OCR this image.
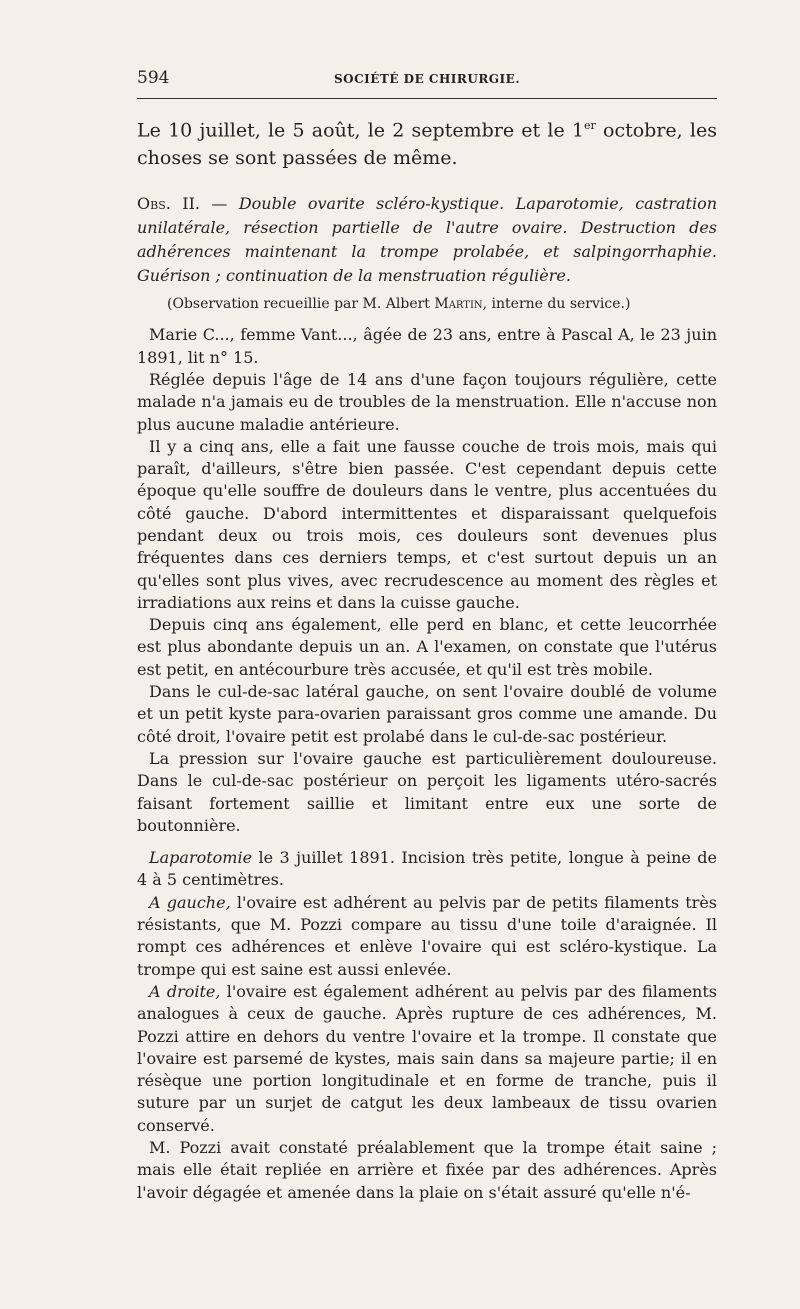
594	SOCIÉTÉ DE CHIRURGIE.

Le 10 juillet, le 5 août, le 2 septembre et le 1er octobre, les choses se sont passées de même.

Obs. II. — Double ovarite scléro-kystique. Laparotomie, castration unilatérale, résection partielle de l'autre ovaire. Destruction des adhérences maintenant la trompe prolabée, et salpingorrhaphie. Guérison ; continuation de la menstruation régulière.

(Observation recueillie par M. Albert Martin, interne du service.)

Marie C..., femme Vant..., âgée de 23 ans, entre à Pascal A, le 23 juin 1891, lit n° 15.

Réglée depuis l'âge de 14 ans d'une façon toujours régulière, cette malade n'a jamais eu de troubles de la menstruation. Elle n'accuse non plus aucune maladie antérieure.

Il y a cinq ans, elle a fait une fausse couche de trois mois, mais qui paraît, d'ailleurs, s'être bien passée. C'est cependant depuis cette époque qu'elle souffre de douleurs dans le ventre, plus accentuées du côté gauche. D'abord intermittentes et disparaissant quelquefois pendant deux ou trois mois, ces douleurs sont devenues plus fréquentes dans ces derniers temps, et c'est surtout depuis un an qu'elles sont plus vives, avec recrudescence au moment des règles et irradiations aux reins et dans la cuisse gauche.

Depuis cinq ans également, elle perd en blanc, et cette leucorrhée est plus abondante depuis un an. A l'examen, on constate que l'utérus est petit, en antécourbure très accusée, et qu'il est très mobile.

Dans le cul-de-sac latéral gauche, on sent l'ovaire doublé de volume et un petit kyste para-ovarien paraissant gros comme une amande. Du côté droit, l'ovaire petit est prolabé dans le cul-de-sac postérieur.

La pression sur l'ovaire gauche est particulièrement douloureuse. Dans le cul-de-sac postérieur on perçoit les ligaments utéro-sacrés faisant fortement saillie et limitant entre eux une sorte de boutonnière.

Laparotomie le 3 juillet 1891. Incision très petite, longue à peine de 4 à 5 centimètres.

A gauche, l'ovaire est adhérent au pelvis par de petits filaments très résistants, que M. Pozzi compare au tissu d'une toile d'araignée. Il rompt ces adhérences et enlève l'ovaire qui est scléro-kystique. La trompe qui est saine est aussi enlevée.

A droite, l'ovaire est également adhérent au pelvis par des filaments analogues à ceux de gauche. Après rupture de ces adhérences, M. Pozzi attire en dehors du ventre l'ovaire et la trompe. Il constate que l'ovaire est parsemé de kystes, mais sain dans sa majeure partie; il en résèque une portion longitudinale et en forme de tranche, puis il suture par un surjet de catgut les deux lambeaux de tissu ovarien conservé.

M. Pozzi avait constaté préalablement que la trompe était saine ; mais elle était repliée en arrière et fixée par des adhérences. Après l'avoir dégagée et amenée dans la plaie on s'était assuré qu'elle n'é-
